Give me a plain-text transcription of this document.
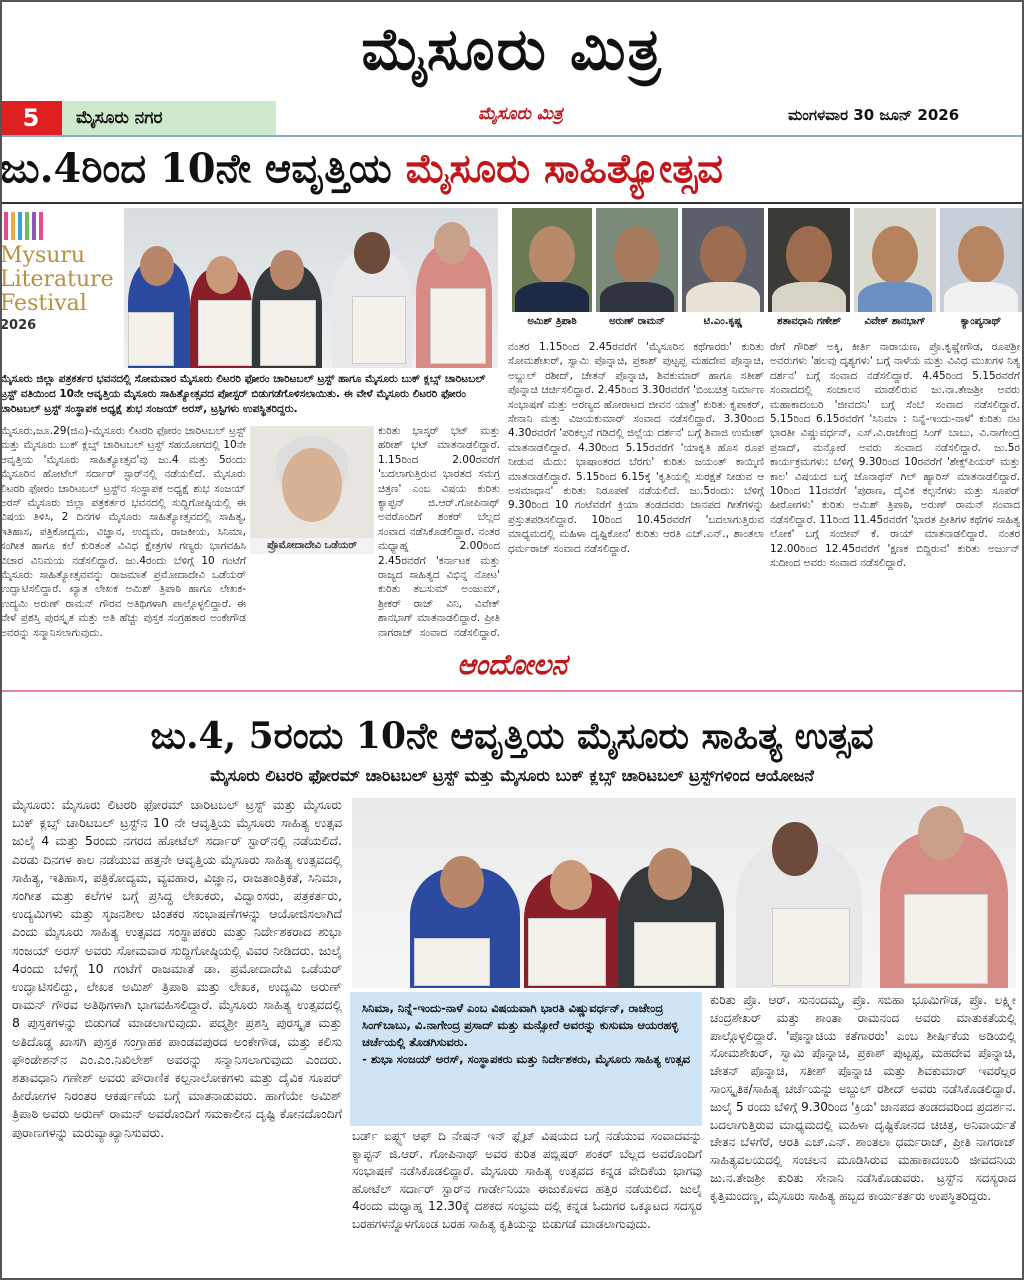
ಮೈಸೂರು ಮಿತ್ರ
5	ಮೈಸೂರು ನಗರ	ಮೈಸೂರು ಮಿತ್ರ	ಮಂಗಳವಾರ 30 ಜೂನ್ 2026
ಜು.4ರಿಂದ 10ನೇ ಆವೃತ್ತಿಯ ಮೈಸೂರು ಸಾಹಿತ್ಯೋತ್ಸವ
Mysuru
Literature
Festival
2026	ಅಮಿಶ್ ತ್ರಿಪಾಠಿ	ಅರುಣ್ ರಾಮನ್	ಟಿ.ಎಂ.ಕೃಷ್ಣ	ಶತಾವಧಾನಿ ಗಣೇಶ್	ವಿವೇಕ್ ಶಾನಭಾಗ್	ಕ್ಯಾಂಪ್ಯನಾಥ್
ಮೈಸೂರು ಜಿಲ್ಲಾ ಪತ್ರಕರ್ತರ ಭವನದಲ್ಲಿ ಸೋಮವಾರ ಮೈಸೂರು ಲಿಟರರಿ ಫೋರಂ ಚಾರಿಟಬಲ್ ಟ್ರಸ್ಟ್ ಹಾಗೂ ಮೈಸೂರು ಬುಕ್ ಕ್ಲಬ್ಸ್ ಚಾರಿಟಬಲ್ ಟ್ರಸ್ಟ್ ವತಿಯಿಂದ 10ನೇ ಆವೃತ್ತಿಯ ಮೈಸೂರು ಸಾಹಿತ್ಯೋತ್ಸವದ ಪೋಸ್ಟರ್ ಬಿಡುಗಡೆಗೊಳಿಸಲಾಯಿತು. ಈ ವೇಳೆ ಮೈಸೂರು ಲಿಟರರಿ ಫೋರಂ ಚಾರಿಟಬಲ್ ಟ್ರಸ್ಟ್ ಸಂಸ್ಥಾಪಕ ಅಧ್ಯಕ್ಷೆ ಶುಭ ಸಂಜಯ್ ಅರಸ್, ಟ್ರಸ್ಟಿಗಳು ಉಪಸ್ಥಿತರಿದ್ದರು.
ಮೈಸೂರು,ಜೂ.29(ಜಿಎ)-ಮೈಸೂರು ಲಿಟರರಿ ಫೋರಂ ಚಾರಿಟಬಲ್ ಟ್ರಸ್ಟ್ ಮತ್ತು ಮೈಸೂರು ಬುಕ್ ಕ್ಲಬ್ಸ್ ಚಾರಿಟಬಲ್ ಟ್ರಸ್ಟ್ ಸಹಯೋಗದಲ್ಲಿ 10ನೇ ಆವೃತ್ತಿಯ 'ಮೈಸೂರು ಸಾಹಿತ್ಯೋತ್ಸವ'ವು ಜು.4 ಮತ್ತು 5ರಂದು ಮೈಸೂರಿನ ಹೋಟೆಲ್ ಸರ್ದಾರ್ ಸ್ಟಾರ್‌ನಲ್ಲಿ ನಡೆಯಲಿದೆ. ಮೈಸೂರು ಲಿಟರರಿ ಫೋರಂ ಚಾರಿಟಬಲ್ ಟ್ರಸ್ಟ್‌ನ ಸಂಸ್ಥಾಪಕ ಅಧ್ಯಕ್ಷೆ ಶುಭ ಸಂಜಯ್ ಅರಸ್ ಮೈಸೂರು ಜಿಲ್ಲಾ ಪತ್ರಕರ್ತರ ಭವನದಲ್ಲಿ ಸುದ್ದಿಗೋಷ್ಠಿಯಲ್ಲಿ ಈ ವಿಷಯ ತಿಳಿಸಿ, 2 ದಿನಗಳ ಮೈಸೂರು ಸಾಹಿತ್ಯೋತ್ಸವದಲ್ಲಿ ಸಾಹಿತ್ಯ, ಇತಿಹಾಸ, ಪತ್ರಿಕೋದ್ಯಮ, ವಿಜ್ಞಾನ, ಉದ್ಯಮ, ರಾಜಕೀಯ, ಸಿನಿಮಾ, ಸಂಗೀತ ಹಾಗೂ ಕಲೆ ಕುರಿತಂತೆ ವಿವಿಧ ಕ್ಷೇತ್ರಗಳ ಗಣ್ಯರು ಭಾಗವಹಿಸಿ ವಿಚಾರ ವಿನಿಮಯ ನಡೆಸಲಿದ್ದಾರೆ. ಜು.4ರಂದು ಬೆಳಿಗ್ಗೆ 10 ಗಂಟೆಗೆ ಮೈಸೂರು ಸಾಹಿತ್ಯೋತ್ಸವವನ್ನು ರಾಜಮಾತೆ ಪ್ರಮೋದಾದೇವಿ ಒಡೆಯರ್ ಉದ್ಘಾಟಿಸಲಿದ್ದಾರೆ. ಖ್ಯಾತ ಲೇಖಕ ಅಮಿಶ್ ತ್ರಿಪಾಠಿ ಹಾಗೂ ಲೇಖಕ-ಉದ್ಯಮಿ ಅರುಣ್ ರಾಮನ್ ಗೌರವ ಅತಿಥಿಗಳಾಗಿ ಪಾಲ್ಗೊಳ್ಳಲಿದ್ದಾರೆ. ಈ ವೇಳೆ ಪ್ರಶಸ್ತಿ ಪುರಸ್ಕೃತ ಮತ್ತು ಅತಿ ಹೆಚ್ಚು ಪುಸ್ತಕ ಸಂಗ್ರಹಕಾರ ಅಂಕೇಗೌಡ ಅವರನ್ನು ಸನ್ಮಾನಿಸಲಾಗುವುದು.
ಪ್ರೊಮೋದಾದೇವಿ ಒಡೆಯರ್
ಕುರಿತು ಭಾಸ್ಕರ್ ಭಟ್ ಮತ್ತು ಹರೀಶ್ ಭಟ್ ಮಾತನಾಡಲಿದ್ದಾರೆ. 1.15ರಿಂದ 2.00ರವರೆಗೆ 'ಬದಲಾಗುತ್ತಿರುವ ಭಾರತದ ಸಮಗ್ರ ಚಿತ್ರಣ' ಎಂಬ ವಿಷಯ ಕುರಿತು ಕ್ಯಾಪ್ಟನ್ ಜಿ.ಆರ್.ಗೋಪಿನಾಥ್ ಅವರೊಂದಿಗೆ ಶಂಕರ್ ಬೆಲ್ಲದ ಸಂವಾದ ನಡೆಸಿಕೊಡಲಿದ್ದಾರೆ. ನಂತರ ಮಧ್ಯಾಹ್ನ 2.00ರಿಂದ 2.45ರವರೆಗೆ 'ಕರ್ನಾಟಕ ಮತ್ತು ರಾಜ್ಯದ ಸಾಹಿತ್ಯದ ವಿಭಿನ್ನ ನೋಟ' ಕುರಿತು ತಬಸುಮ್ ಅಂಜುಮ್, ಶ್ರೀಕರ್ ರಾಜ್ ವಿನಿ, ವಿವೇಕ್ ಶಾನಭಾಗ್ ಮಾತನಾಡಲಿದ್ದಾರೆ. ಪ್ರೀತಿ ನಾಗರಾಜ್ ಸಂವಾದ ನಡೆಸಲಿದ್ದಾರೆ.
ನಂತರ 1.15ರಿಂದ 2.45ರವರೆಗೆ 'ಮೈಸೂರಿನ ಕಥೆಗಾರರು' ಕುರಿತು ಸೋಮಶೇಖರ್, ಸ್ವಾಮಿ ಪೊನ್ನಾಚಿ, ಪ್ರಕಾಶ್ ಪುಟ್ಟಪ್ಪ ಮಹದೇವ ಪೊನ್ನಾಚಿ, ಅಬ್ದುಲ್ ರಶೀದ್, ಚೇತನ್ ಪೊನ್ನಾಚಿ, ಶಿವಕುಮಾರ್ ಹಾಗೂ ಸತೀಶ್ ಪೊನ್ನಾಚಿ ಚರ್ಚಿಸಲಿದ್ದಾರೆ. 2.45ರಿಂದ 3.30ರವರೆಗೆ 'ಬಿಂಬಚಿತ್ರ ನಿರ್ಮಾಣ ಸಂಭಾಷಣೆ ಮತ್ತು ಅರಣ್ಯದ ಹೋರಾಟದ ಜೀವನ ಯಾತ್ರೆ' ಕುರಿತು ಕೃಪಾಕರ್, ಸೇನಾನಿ ಮತ್ತು ವಿಜಯಕುಮಾರ್ ಸಂವಾದ ನಡೆಸಲಿದ್ದಾರೆ. 3.30ರಿಂದ 4.30ರವರೆಗೆ 'ಪರಿಕಲ್ಪನೆ ಗಡಿದಲ್ಲಿ ಜಿಲ್ಲೆಯ ದರ್ಶನ' ಬಗ್ಗೆ ಶಿವಾಜಿ ಉಮೇಶ್ ಮಾತನಾಡಲಿದ್ದಾರೆ. 4.30ರಿಂದ 5.15ರವರೆಗೆ 'ಯಾಕೃತಿ ಹೊಸ ರೂಪ ನೀಡುವ ಮೆದು: ಭಾಷಾಂತರದ ಬೆರಗು' ಕುರಿತು ಜಯಂತ್ ಕಾಯ್ಕಿಣಿ ಮಾತನಾಡಲಿದ್ದಾರೆ. 5.15ರಿಂದ 6.15ಕ್ಕೆ 'ಕೃತಿಯಲ್ಲಿ ಸುರಕ್ಷತೆ ನೀಡುವ ಆ ಅಸಮಾಧಾನ' ಕುರಿತು ನಿರೂಪಣೆ ನಡೆಯಲಿದೆ. ಜು.5ರಂದು: ಬೆಳಿಗ್ಗೆ 9.30ರಿಂದ 10 ಗಂಟೆವರೆಗೆ ಕ್ರಿಯಾ ತಂಡದವರು ಜಾನಪದ ಗೀತೆಗಳನ್ನು ಪ್ರಸ್ತುತಪಡಿಸಲಿದ್ದಾರೆ. 10ರಿಂದ 10.45ರವರೆಗೆ 'ಬದಲಾಗುತ್ತಿರುವ ಮಾಧ್ಯಮದಲ್ಲಿ ಮಹಿಳಾ ದೃಷ್ಟಿಕೋನ' ಕುರಿತು ಆರತಿ ಎಚ್.ಎನ್., ಶಾಂತಲಾ ಧರ್ಮರಾಜ್ ಸಂವಾದ ನಡೆಸಲಿದ್ದಾರೆ.
ರೇಗೆ ಗೌರಿಶ್ ಅಕ್ಕಿ, ಕೀರ್ತಿ ನಾರಾಯಣ, ಪ್ರೊ.ಕೃಷ್ಣೇಗೌಡ, ರೂಪಶ್ರೀ ಅವರುಗಳು 'ಹಲವು ದೃಶ್ಯಗಳು' ಬಗ್ಗೆ ನಾಳೆಯ ಮತ್ತು ವಿವಿಧ ಮುಖಗಳ ನಿತ್ಯ ದರ್ಶನ' ಬಗ್ಗೆ ಸಂವಾದ ನಡೆಸಲಿದ್ದಾರೆ. 4.45ರಿಂದ 5.15ರವರೆಗೆ ಸಂವಾದದಲ್ಲಿ ಸಂಚಾಲನ ಮಾಡಲಿರುವ ಜು.ನಾ.ತೇಜಶ್ರೀ ಅವರು ಮಹಾಕಾದಂಬರಿ 'ಜೀವದನಿ' ಬಗ್ಗೆ ಸೆಂಬೆ ಸಂವಾದ ನಡೆಸಲಿದ್ದಾರೆ. 5.15ರಿಂದ 6.15ರವರೆಗೆ 'ಸಿನಿಮಾ : ನಿನ್ನೆ-ಇಂದು-ನಾಳೆ' ಕುರಿತು ನಟ ಭಾರತೀ ವಿಷ್ಣುವರ್ಧನ್, ಎಸ್.ವಿ.ರಾಜೇಂದ್ರ ಸಿಂಗ್ ಬಾಬು, ವಿ.ನಾಗೇಂದ್ರ ಪ್ರಸಾದ್, ಮನ್ಸೋರೆ ಅವರು ಸಂವಾದ ನಡೆಸಲಿದ್ದಾರೆ. ಜು.5ರ ಕಾರ್ಯಕ್ರಮಗಳು: ಬೆಳಿಗ್ಗೆ 9.30ರಿಂದ 10ರವರೆಗೆ 'ಶೇಕ್ಸ್‌ಪಿಯರ್ ಮತ್ತು ಕಾಲ' ವಿಷಯದ ಬಗ್ಗೆ ಜೊನಾಥನ್ ಗಿಲ್ ಹ್ಯಾರಿಸ್ ಮಾತನಾಡಲಿದ್ದಾರೆ. 10ರಿಂದ 11ರವರೆಗೆ 'ಪುರಾಣ, ದೈವಿಕ ಕಲ್ಪನೆಗಳು ಮತ್ತು ಸೂಪರ್ ಹೀರೋಗಳು' ಕುರಿತು ಅಮಿಶ್ ತ್ರಿಪಾಠಿ, ಅರುಣ್ ರಾಮನ್ ಸಂವಾದ ನಡೆಸಲಿದ್ದಾರೆ. 11ರಿಂದ 11.45ರವರೆಗೆ 'ಭಾರತ ಪ್ರೀತಿಗಳ ಕಥೆಗಳ ಸಾಹಿತ್ಯ ಲೋಕ' ಬಗ್ಗೆ ಸಂಜೀವ್ ಕೆ. ರಾಯ್ ಮಾತನಾಡಲಿದ್ದಾರೆ. ನಂತರ 12.00ರಿಂದ 12.45ರವರೆಗೆ 'ಕ್ಷಣಕ ಬಿದ್ದಿರುವ' ಕುರಿತು ಅರ್ಜುನ್ ಸುದೀಂದ ಅವರು ಸಂವಾದ ನಡೆಸಲಿದ್ದಾರೆ.
ಆಂದೋಲನ
ಜು.4, 5ರಂದು 10ನೇ ಆವೃತ್ತಿಯ ಮೈಸೂರು ಸಾಹಿತ್ಯ ಉತ್ಸವ
ಮೈಸೂರು ಲಿಟರರಿ ಫೋರಮ್ ಚಾರಿಟಬಲ್ ಟ್ರಸ್ಟ್ ಮತ್ತು ಮೈಸೂರು ಬುಕ್ ಕ್ಲಬ್ಸ್ ಚಾರಿಟಬಲ್ ಟ್ರಸ್ಟ್‌ಗಳಿಂದ ಆಯೋಜನೆ
ಮೈಸೂರು: ಮೈಸೂರು ಲಿಟರರಿ ಫೋರಮ್ ಚಾರಿಟಬಲ್ ಟ್ರಸ್ಟ್ ಮತ್ತು ಮೈಸೂರು ಬುಕ್ ಕ್ಲಬ್ಸ್ ಚಾರಿಟಬಲ್ ಟ್ರಸ್ಟ್‌ನ 10 ನೇ ಆವೃತ್ತಿಯ ಮೈಸೂರು ಸಾಹಿತ್ಯ ಉತ್ಸವ ಜುಲೈ 4 ಮತ್ತು 5ರಂದು ನಗರದ ಹೋಟೆಲ್ ಸರ್ದಾರ್ ಸ್ಟಾರ್‌ನಲ್ಲಿ ನಡೆಯಲಿದೆ. ಎರಡು ದಿನಗಳ ಕಾಲ ನಡೆಯುವ ಹತ್ತನೇ ಆವೃತ್ತಿಯ ಮೈಸೂರು ಸಾಹಿತ್ಯ ಉತ್ಸವದಲ್ಲಿ ಸಾಹಿತ್ಯ, ಇತಿಹಾಸ, ಪತ್ರಿಕೋದ್ಯಮ, ವ್ಯವಹಾರ, ವಿಜ್ಞಾನ, ರಾಜತಾಂತ್ರಿಕತೆ, ಸಿನಿಮಾ, ಸಂಗೀತ ಮತ್ತು ಕಲೆಗಳ ಬಗ್ಗೆ ಪ್ರಸಿದ್ಧ ಲೇಖಕರು, ವಿದ್ವಾಂಸರು, ಪತ್ರಕರ್ತರು, ಉದ್ಯಮಿಗಳು ಮತ್ತು ಸೃಜನಶೀಲ ಚಿಂತಕರ ಸಂಭಾಷಣೆಗಳನ್ನು ಆಯೋಜಿಸಲಾಗಿದೆ ಎಂದು ಮೈಸೂರು ಸಾಹಿತ್ಯ ಉತ್ಸವದ ಸಂಸ್ಥಾಪಕರು ಮತ್ತು ನಿರ್ದೇಶಕರಾದ ಶುಭಾ ಸಂಜಯ್ ಅರಸ್ ಅವರು ಸೋಮವಾರ ಸುದ್ದಿಗೋಷ್ಠಿಯಲ್ಲಿ ವಿವರ ನೀಡಿದರು. ಜುಲೈ 4ರಂದು ಬೆಳಿಗ್ಗೆ 10 ಗಂಟೆಗೆ ರಾಜಮಾತೆ ಡಾ. ಪ್ರಮೋದಾದೇವಿ ಒಡೆಯರ್ ಉದ್ಘಾಟಿಸಲಿದ್ದು, ಲೇಖಕ ಅಮಿಶ್ ತ್ರಿಪಾಠಿ ಮತ್ತು ಲೇಖಕ, ಉದ್ಯಮಿ ಅರುಣ್ ರಾಮನ್ ಗೌರವ ಅತಿಥಿಗಳಾಗಿ ಭಾಗವಹಿಸಲಿದ್ದಾರೆ. ಮೈಸೂರು ಸಾಹಿತ್ಯ ಉತ್ಸವದಲ್ಲಿ 8 ಪುಸ್ತಕಗಳನ್ನು ಬಿಡುಗಡೆ ಮಾಡಲಾಗುವುದು. ಪದ್ಮಶ್ರೀ ಪ್ರಶಸ್ತಿ ಪುರಸ್ಕೃತ ಮತ್ತು ಅತಿದೊಡ್ಡ ಖಾಸಗಿ ಪುಸ್ತಕ ಸಂಗ್ರಾಹಕ ಪಾಂಡವಪುರದ ಅಂಕೇಗೌಡ, ಮತ್ತು ಕಲಿಸು ಫೌಂಡೇಶನ್‌ನ ಎಂ.ಎಂ.ನಿಖಿಲೇಶ್ ಅವರನ್ನು ಸನ್ಮಾನಿಸಲಾಗುವುದು ಎಂದರು. ಶತಾವಧಾನಿ ಗಣೇಶ್ ಅವರು ಪೌರಾಣಿಕ ಕಲ್ಪನಾಲೋಕಗಳು ಮತ್ತು ದೈವಿಕ ಸೂಪರ್ ಹೀರೋಗಳ ನಿರಂತರ ಆಕರ್ಷಣೆಯ ಬಗ್ಗೆ ಮಾತನಾಡುವರು. ಹಾಗೆಯೇ ಅಮಿಶ್ ತ್ರಿಪಾಠಿ ಅವರು ಅರುಣ್ ರಾಮನ್ ಅವರೊಂದಿಗೆ ಸಮಕಾಲೀನ ದೃಷ್ಟಿ ಕೋನದೊಂದಿಗೆ ಪುರಾಣಗಳನ್ನು ಮರುವ್ಯಾಖ್ಯಾನಿಸುವರು.
ಸಿನಿಮಾ, ನಿನ್ನೆ-ಇಂದು-ನಾಳೆ ಎಂಬ ವಿಷಯವಾಗಿ ಭಾರತಿ ವಿಷ್ಣುವರ್ಧನ್, ರಾಜೇಂದ್ರ ಸಿಂಗ್‌ಬಾಬು, ವಿ.ನಾಗೇಂದ್ರ ಪ್ರಸಾದ್ ಮತ್ತು ಮನ್ಸೋರೆ ಅವರನ್ನು ಕುಸುಮಾ ಆಯರಹಳ್ಳಿ ಚರ್ಚೆಯಲ್ಲಿ ತೊಡಗಿಸುವರು.
- ಶುಭಾ ಸಂಜಯ್ ಅರಸ್, ಸಂಸ್ಥಾಪಕರು ಮತ್ತು ನಿರ್ದೇಶಕರು, ಮೈಸೂರು ಸಾಹಿತ್ಯ ಉತ್ಸವ
ಬರ್ಡ್ ಐಪ್ಟ್ಸ್ ಆಫ್ ದಿ ನೇಷನ್ ಇನ್ ಫ್ಲೈಟ್ ವಿಷಯದ ಬಗ್ಗೆ ನಡೆಯುವ ಸಂವಾದವನ್ನು ಕ್ಯಾಪ್ಟನ್ ಜಿ.ಆರ್. ಗೋಪಿನಾಥ್ ಅವರ ಕುರಿತ ಪಬ್ಲಿಷರ್ ಶಂಕರ್ ಬೆಲ್ಲದ ಅವರೊಂದಿಗೆ ಸಂಭಾಷಣೆ ನಡೆಸಿಕೊಡಲಿದ್ದಾರೆ. ಮೈಸೂರು ಸಾಹಿತ್ಯ ಉತ್ಸವದ ಕನ್ನಡ ವೇದಿಕೆಯ ಭಾಗವು ಹೋಟೆಲ್ ಸರ್ದಾರ್ ಸ್ಟಾರ್‌ನ ಗಾರ್ಡೇನಿಯಾ ಈಜುಕೊಳದ ಹತ್ತಿರ ನಡೆಯಲಿದೆ. ಜುಲೈ 4ರಂದು ಮಧ್ಯಾಹ್ನ 12.30ಕ್ಕೆ ದಶಕದ ಸಂಭ್ರಮ ದಲ್ಲಿ ಕನ್ನಡ ಓದುಗರ ಒಕ್ಕೂಟದ ಸದಸ್ಯರ ಬರಹಗಳನ್ನೊಳಗೊಂಡ ಬರಹ ಸಾಹಿತ್ಯ ಕೃತಿಯನ್ನು ಬಿಡುಗಡೆ ಮಾಡಲಾಗುವುದು.
ಕುರಿತು ಪ್ರೊ. ಆರ್. ಸುನಂದಮ್ಮ, ಪ್ರೊ. ಸಬಿಹಾ ಭೂಮಿಗೌಡ, ಪ್ರೊ. ಲಕ್ಷ್ಮೀ ಚಂದ್ರಶೇಖರ್ ಮತ್ತು ಶಾಂತಾ ರಾಮನಂದ ಅವರು ಮಾತುಕತೆಯಲ್ಲಿ ಪಾಲ್ಗೊಳ್ಳಲಿದ್ದಾರೆ. 'ಪೊನ್ನಾಚಿಯ ಕತೆಗಾರರು' ಎಂಬ ಶೀರ್ಷಿಕೆಯ ಅಡಿಯಲ್ಲಿ ಸೋಮಶೇಖರ್, ಸ್ವಾಮಿ ಪೊನ್ನಾಚಿ, ಪ್ರಕಾಶ್ ಪುಟ್ಟಪ್ಪ, ಮಹದೇವ ಪೊನ್ನಾಚಿ, ಚೇತನ್ ಪೊನ್ನಾಚಿ, ಸತೀಶ್ ಪೊನ್ನಾಚಿ ಮತ್ತು ಶಿವಕುಮಾರ್ ಇವರೆಲ್ಲರ ಸಾಂಸ್ಕೃತಿಕ/ಸಾಹಿತ್ಯ ಚರ್ಚೆಯನ್ನು ಅಬ್ದುಲ್ ರಶೀದ್ ಅವರು ನಡೆಸಿಕೊಡಲಿದ್ದಾರೆ. ಜುಲೈ 5 ರಂದು ಬೆಳಿಗ್ಗೆ 9.30ರಿಂದ 'ಕ್ರಿಯ' ಜಾನಪದ ತಂಡದವರಿಂದ ಪ್ರದರ್ಶನ. ಬದಲಾಗುತ್ತಿರುವ ಮಾಧ್ಯಮದಲ್ಲಿ ಮಹಿಳಾ ದೃಷ್ಟಿಕೋನದ ಚಿಚಿತ್ರ, ಅನಿವಾರ್ಯತೆ ಚೇತನ ಬೆಳಗೆರೆ, ಆರತಿ ಎಚ್.ಎನ್. ಶಾಂತಲಾ ಧರ್ಮರಾಜ್, ಪ್ರೀತಿ ನಾಗರಾಜ್ ಸಾಹಿತ್ಯವಲಯದಲ್ಲಿ ಸಂಚಲನ ಮೂಡಿಸಿರುವ ಮಹಾಕಾದಂಬರಿ ಜೀವದನಿಯ ಜು.ನ.ತೇಜಶ್ರೀ ಕುರಿತು ಸೇನಾನಿ ನಡೆಸಿಕೊಡುವರು. ಟ್ರಸ್ಟ್‌ನ ಸದಸ್ಯರಾದ ಕೃತ್ತಿಮಂದಣ್ಣ, ಮೈಸೂರು ಸಾಹಿತ್ಯ ಹಬ್ಬದ ಕಾರ್ಯಕರ್ತರು ಉಪಸ್ಥಿತರಿದ್ದರು.
